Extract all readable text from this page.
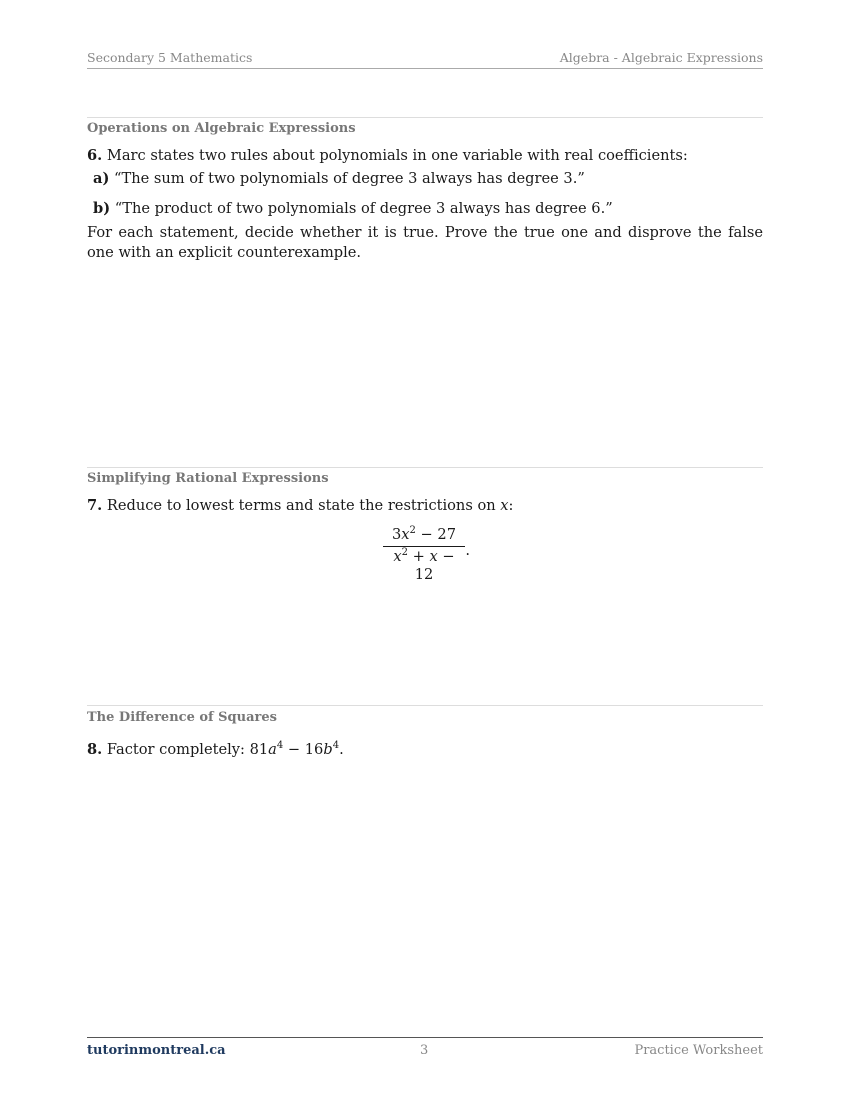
Secondary 5 Mathematics	Algebra - Algebraic Expressions
Operations on Algebraic Expressions
6. Marc states two rules about polynomials in one variable with real coefficients:
a) “The sum of two polynomials of degree 3 always has degree 3.”
b) “The product of two polynomials of degree 3 always has degree 6.”
For each statement, decide whether it is true. Prove the true one and disprove the false one with an explicit counterexample.
Simplifying Rational Expressions
7. Reduce to lowest terms and state the restrictions on x:
$3x^2 - 27$
$x^2 + x - 12$
.
The Difference of Squares
8. Factor completely: $81a^4 - 16b^4$.
tutorinmontreal.ca	3	Practice Worksheet
